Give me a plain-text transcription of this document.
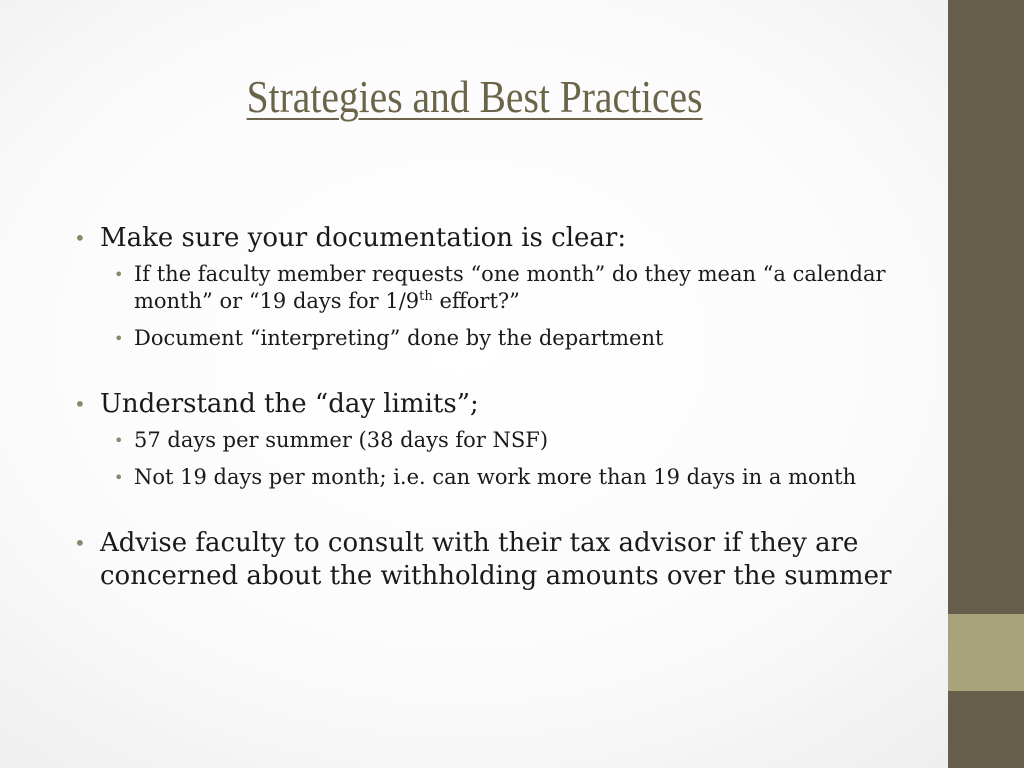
Strategies and Best Practices

• Make sure your documentation is clear:

• If the faculty member requests “one month” do they mean “a calendar month” or “19 days for 1/9th effort?”
• Document “interpreting” done by the department

• Understand the “day limits”;

• 57 days per summer (38 days for NSF)
• Not 19 days per month; i.e. can work more than 19 days in a month

• Advise faculty to consult with their tax advisor if they are concerned about the withholding amounts over the summer
